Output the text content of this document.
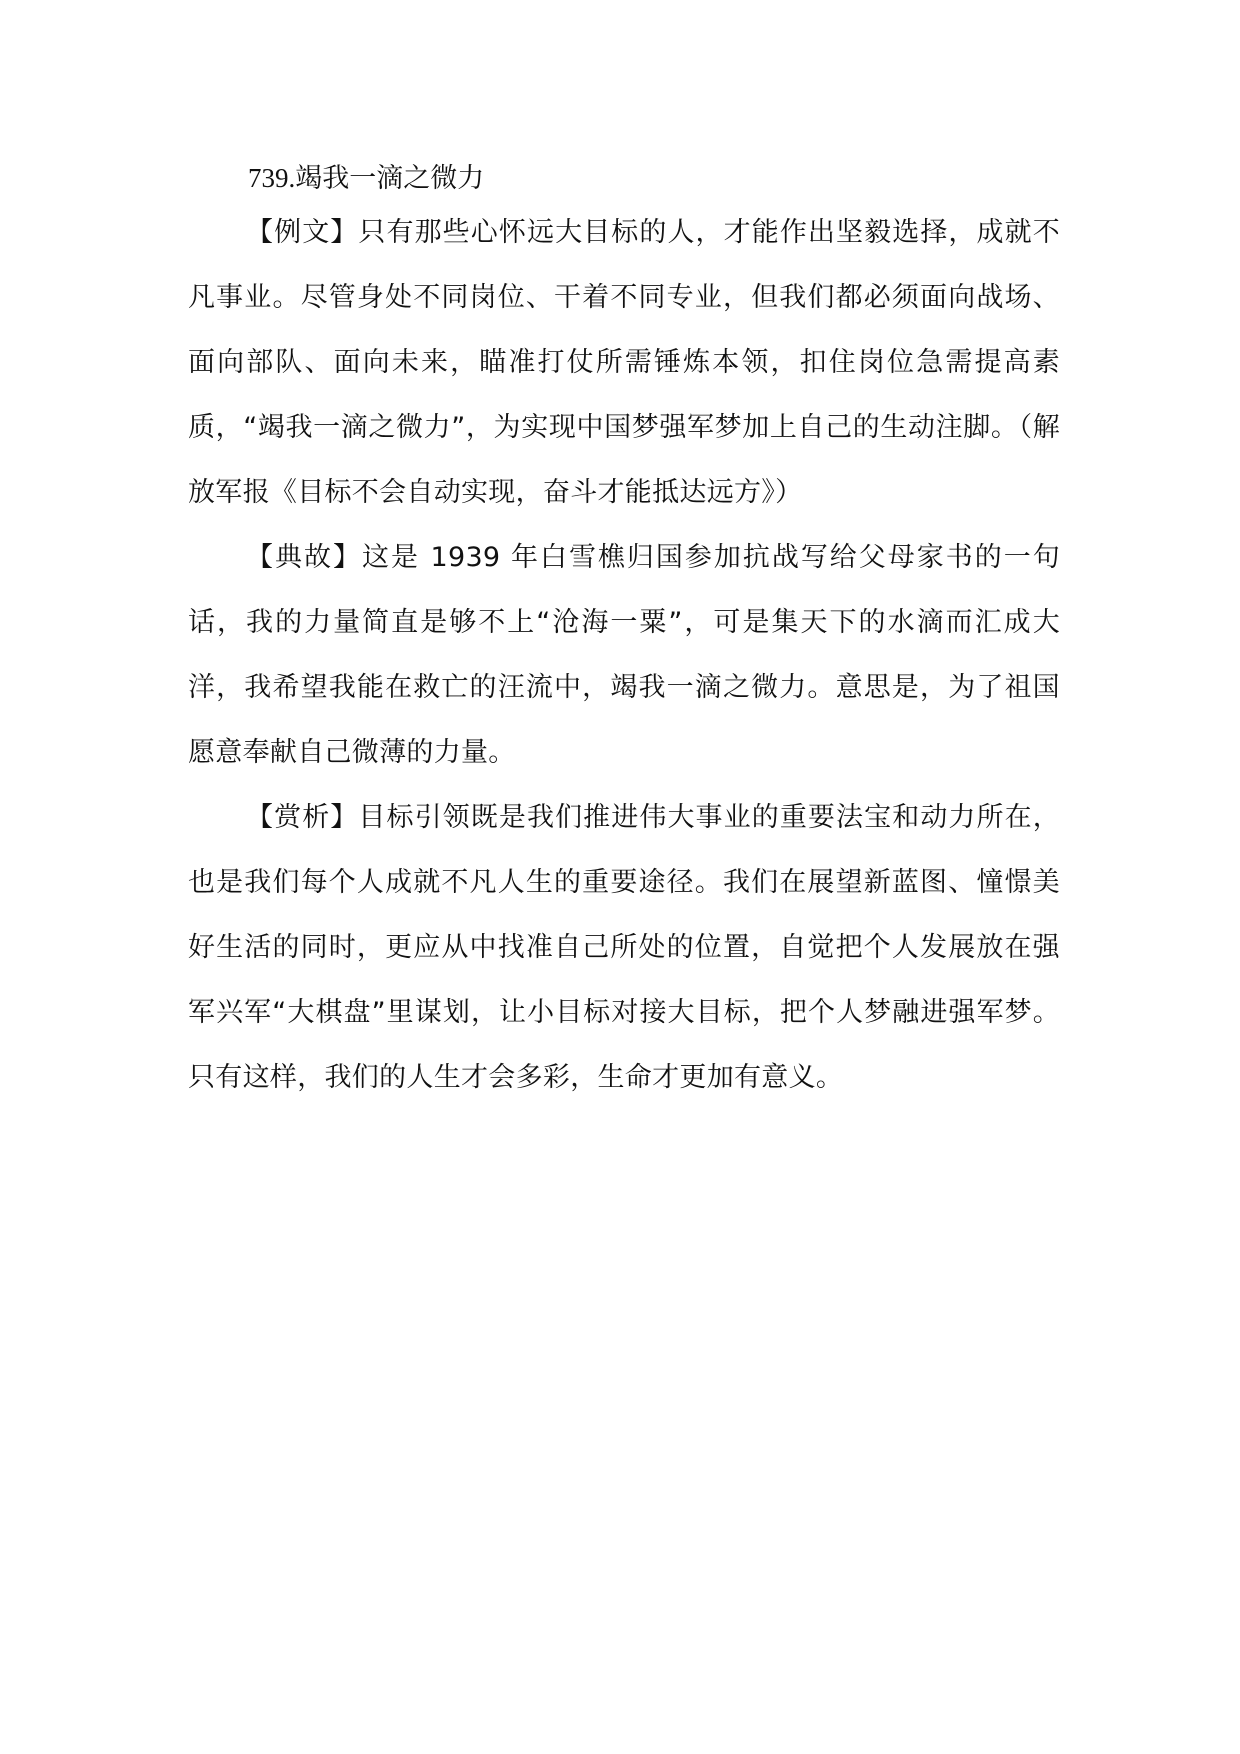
739.竭我一滴之微力

【例文】只有那些心怀远大目标的人，才能作出坚毅选择，成就不凡事业。尽管身处不同岗位、干着不同专业，但我们都必须面向战场、面向部队、面向未来，瞄准打仗所需锤炼本领，扣住岗位急需提高素质，“竭我一滴之微力”，为实现中国梦强军梦加上自己的生动注脚。（解放军报《目标不会自动实现，奋斗才能抵达远方》）

【典故】这是 1939 年白雪樵归国参加抗战写给父母家书的一句话，我的力量简直是够不上“沧海一粟”，可是集天下的水滴而汇成大洋，我希望我能在救亡的汪流中，竭我一滴之微力。意思是，为了祖国愿意奉献自己微薄的力量。

【赏析】目标引领既是我们推进伟大事业的重要法宝和动力所在，也是我们每个人成就不凡人生的重要途径。我们在展望新蓝图、憧憬美好生活的同时，更应从中找准自己所处的位置，自觉把个人发展放在强军兴军“大棋盘”里谋划，让小目标对接大目标，把个人梦融进强军梦。只有这样，我们的人生才会多彩，生命才更加有意义。
